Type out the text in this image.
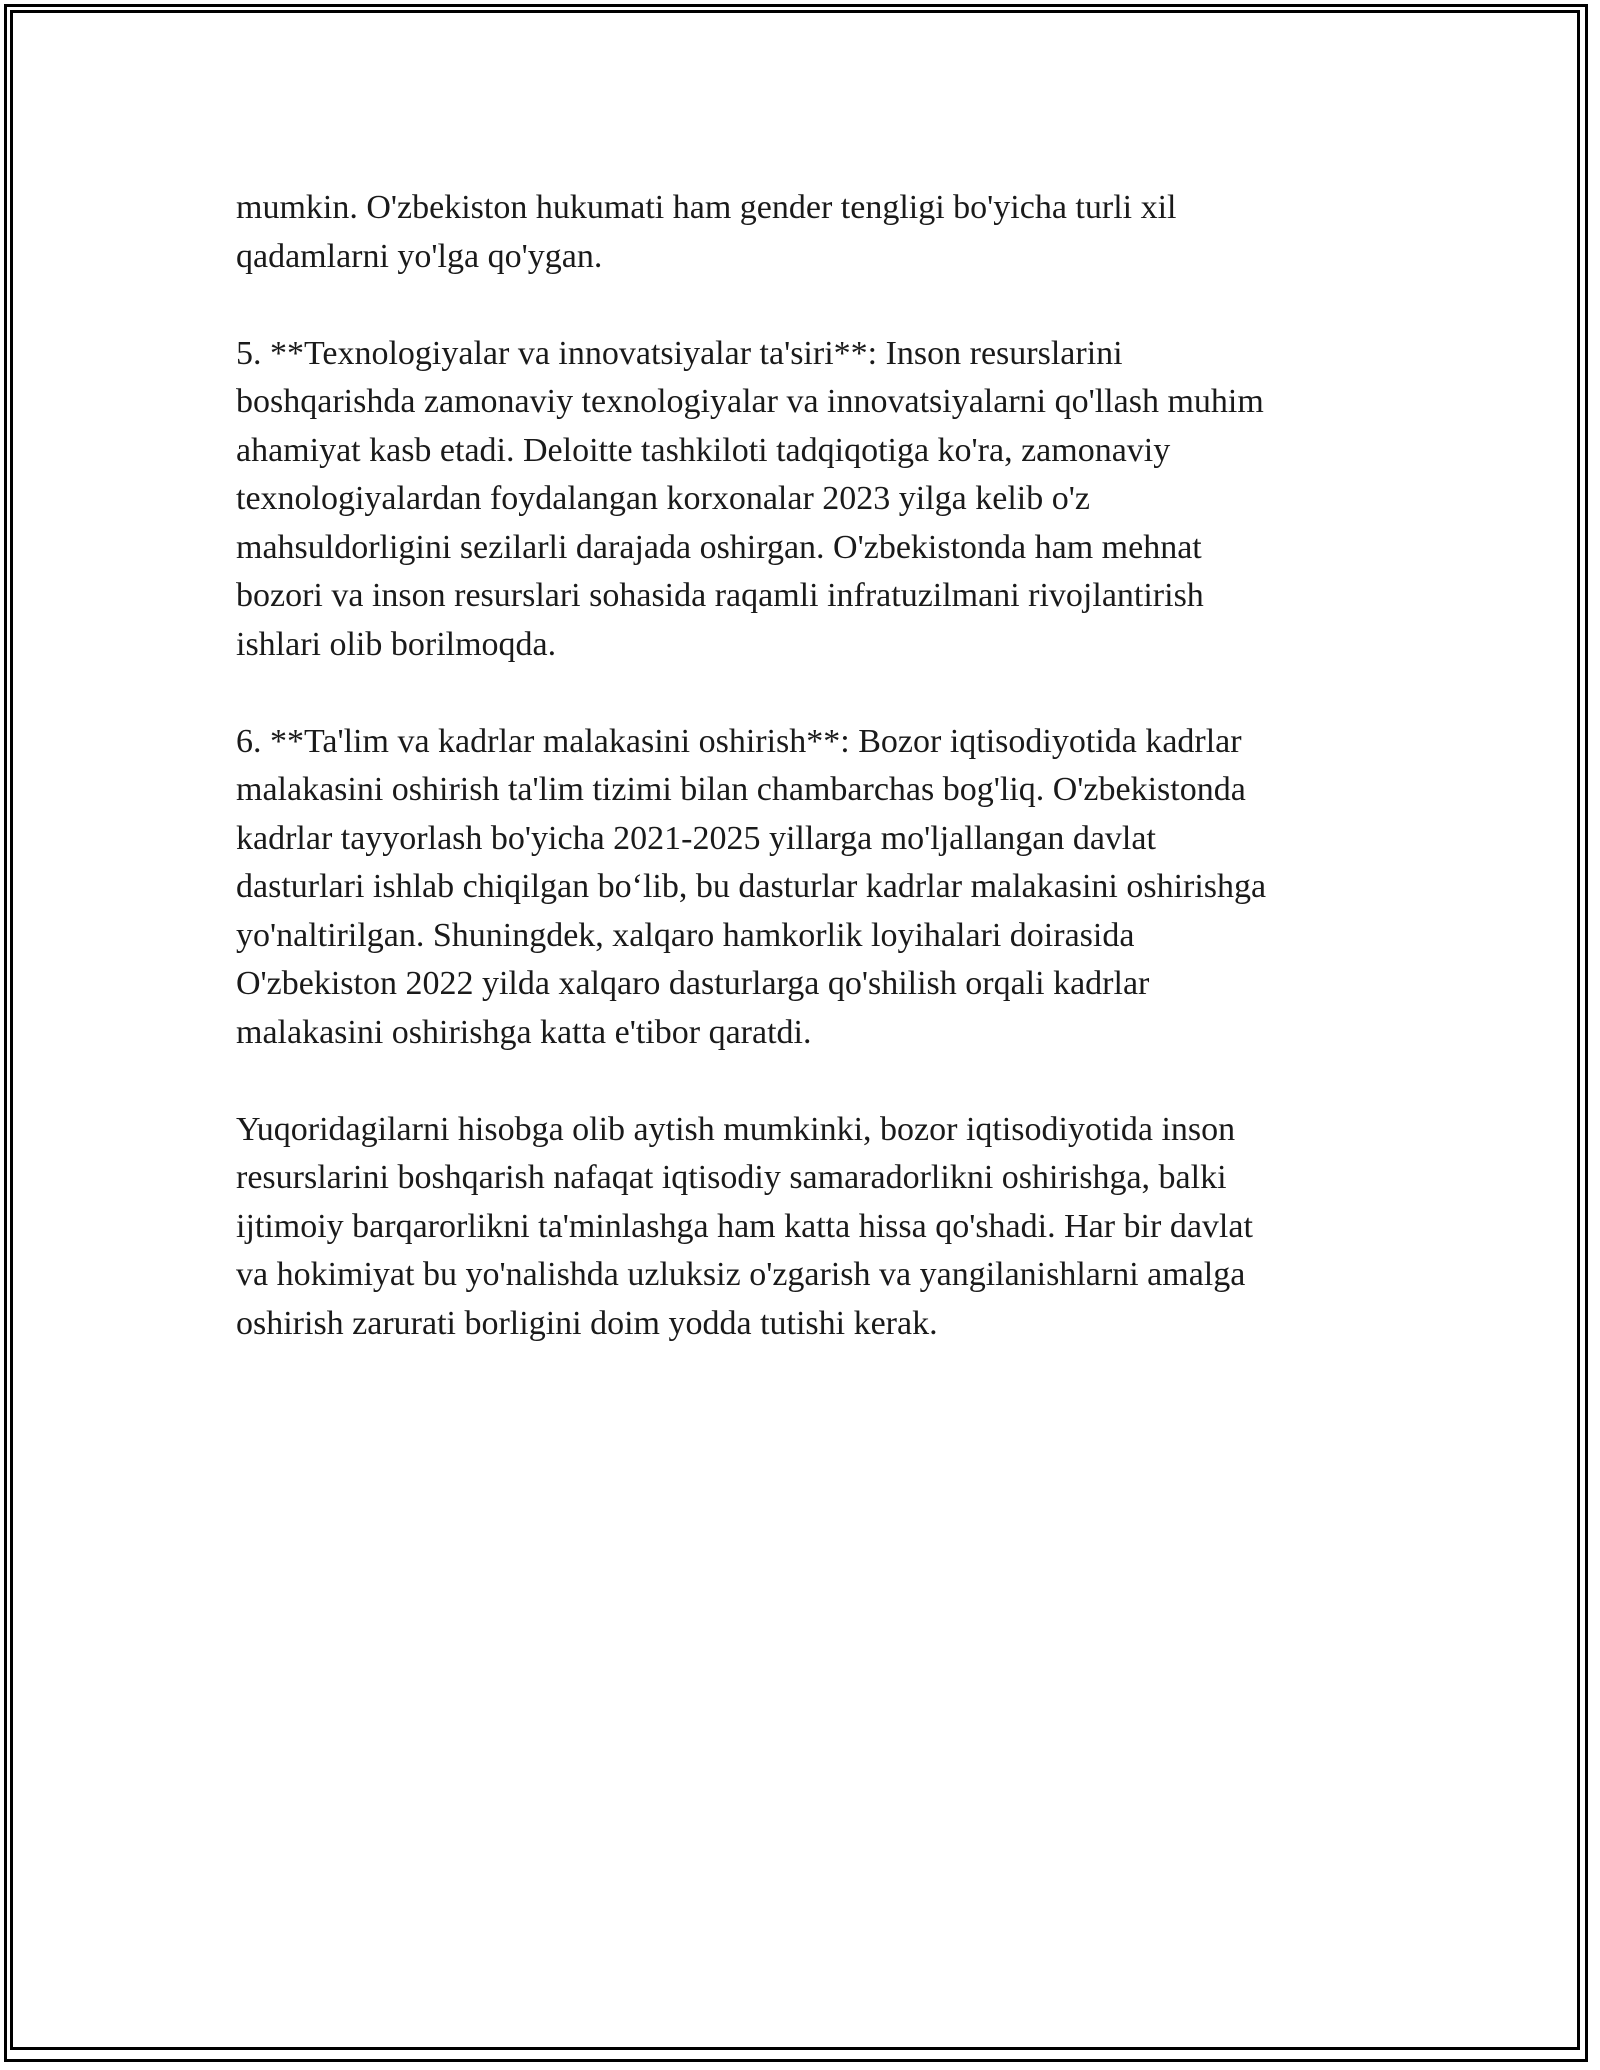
mumkin. O'zbekiston hukumati ham gender tengligi bo'yicha turli xil
qadamlarni yo'lga qo'ygan.

5. **Texnologiyalar va innovatsiyalar ta'siri**: Inson resurslarini
boshqarishda zamonaviy texnologiyalar va innovatsiyalarni qo'llash muhim
ahamiyat kasb etadi. Deloitte tashkiloti tadqiqotiga ko'ra, zamonaviy
texnologiyalardan foydalangan korxonalar 2023 yilga kelib o'z
mahsuldorligini sezilarli darajada oshirgan. O'zbekistonda ham mehnat
bozori va inson resurslari sohasida raqamli infratuzilmani rivojlantirish
ishlari olib borilmoqda.

6. **Ta'lim va kadrlar malakasini oshirish**: Bozor iqtisodiyotida kadrlar
malakasini oshirish ta'lim tizimi bilan chambarchas bog'liq. O'zbekistonda
kadrlar tayyorlash bo'yicha 2021-2025 yillarga mo'ljallangan davlat
dasturlari ishlab chiqilgan bo‘lib, bu dasturlar kadrlar malakasini oshirishga
yo'naltirilgan. Shuningdek, xalqaro hamkorlik loyihalari doirasida
O'zbekiston 2022 yilda xalqaro dasturlarga qo'shilish orqali kadrlar
malakasini oshirishga katta e'tibor qaratdi.

Yuqoridagilarni hisobga olib aytish mumkinki, bozor iqtisodiyotida inson
resurslarini boshqarish nafaqat iqtisodiy samaradorlikni oshirishga, balki
ijtimoiy barqarorlikni ta'minlashga ham katta hissa qo'shadi. Har bir davlat
va hokimiyat bu yo'nalishda uzluksiz o'zgarish va yangilanishlarni amalga
oshirish zarurati borligini doim yodda tutishi kerak.
